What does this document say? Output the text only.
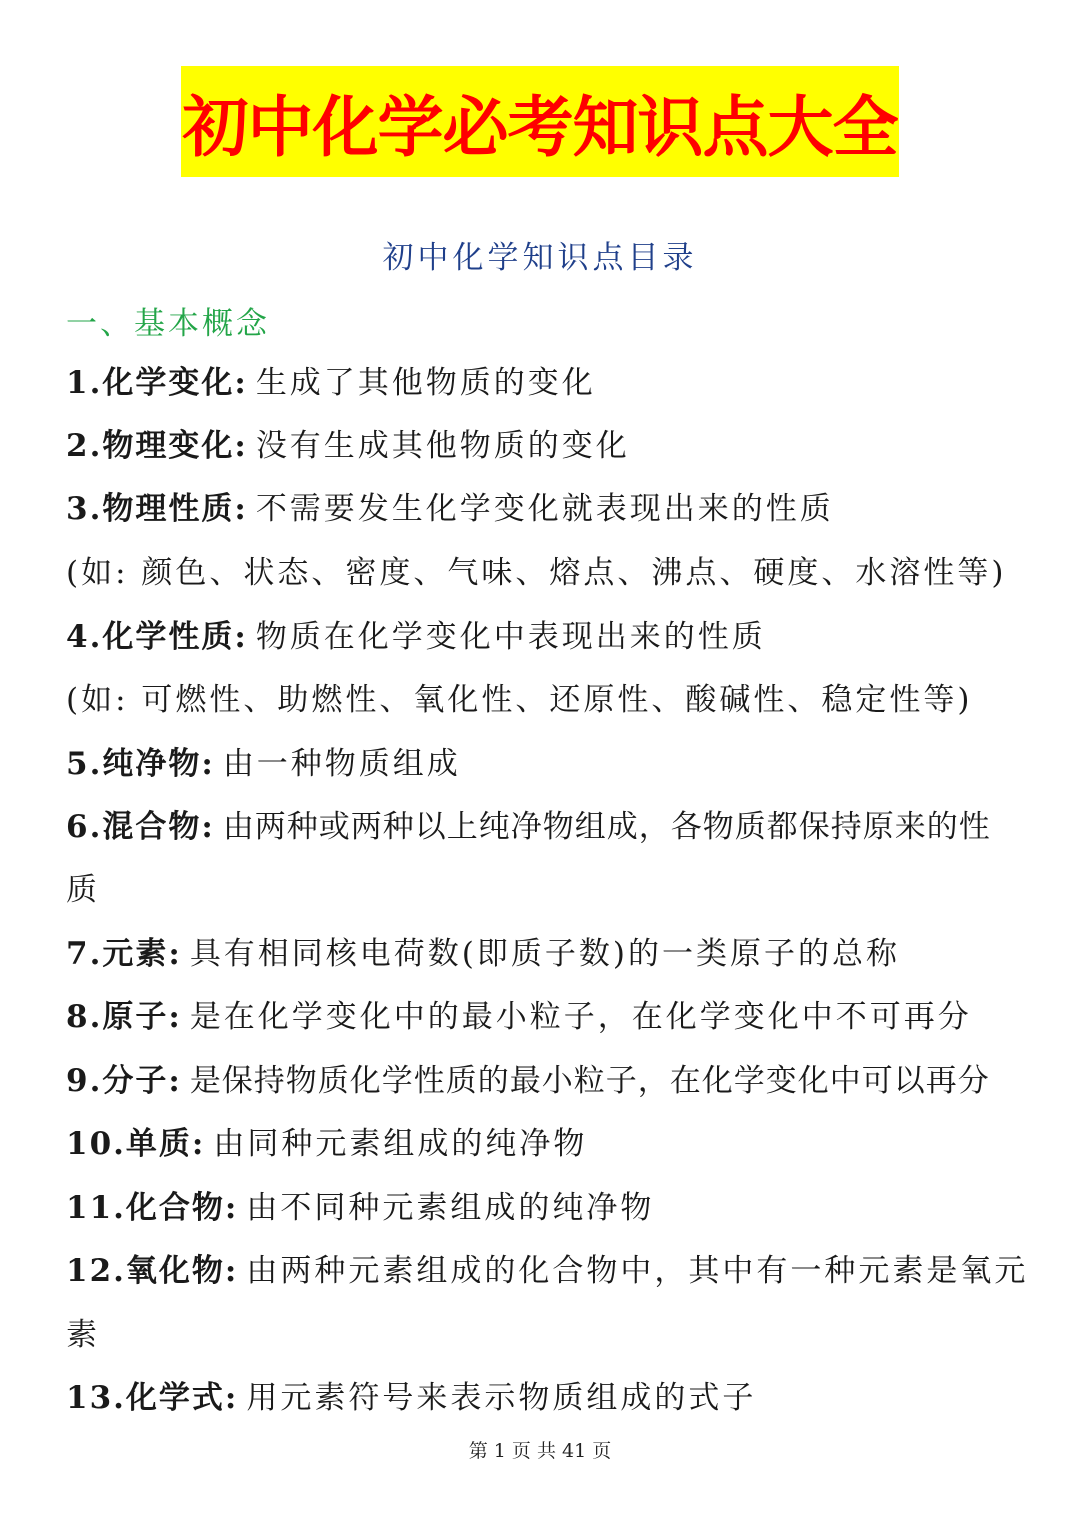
初中化学必考知识点大全
初中化学知识点目录
一、基本概念
1.化学变化: 生成了其他物质的变化
2.物理变化: 没有生成其他物质的变化
3.物理性质: 不需要发生化学变化就表现出来的性质
(如: 颜色、状态、密度、气味、熔点、沸点、硬度、水溶性等)
4.化学性质: 物质在化学变化中表现出来的性质
(如: 可燃性、助燃性、氧化性、还原性、酸碱性、稳定性等)
5.纯净物: 由一种物质组成
6.混合物: 由两种或两种以上纯净物组成，各物质都保持原来的性
质
7.元素: 具有相同核电荷数(即质子数)的一类原子的总称
8.原子: 是在化学变化中的最小粒子，在化学变化中不可再分
9.分子: 是保持物质化学性质的最小粒子，在化学变化中可以再分
10.单质: 由同种元素组成的纯净物
11.化合物: 由不同种元素组成的纯净物
12.氧化物: 由两种元素组成的化合物中，其中有一种元素是氧元
素
13.化学式: 用元素符号来表示物质组成的式子
第 1 页 共 41 页
